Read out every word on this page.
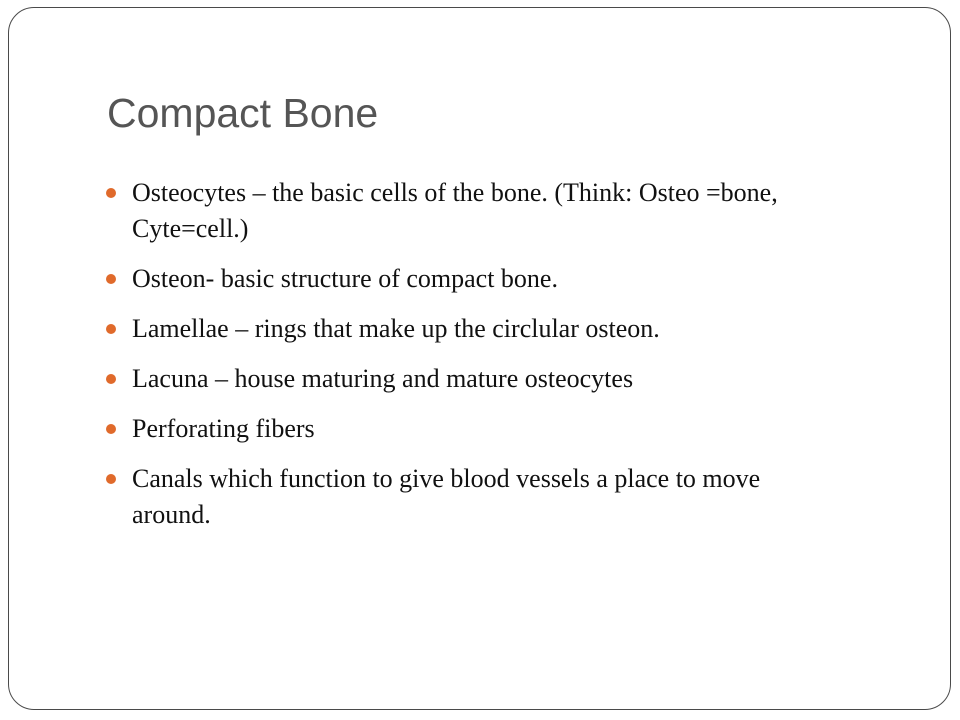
Compact Bone
Osteocytes – the basic cells of the bone. (Think: Osteo =bone, Cyte=cell.)
Osteon- basic structure of compact bone.
Lamellae – rings that make up the circlular osteon.
Lacuna – house maturing and mature osteocytes
Perforating fibers
Canals which function to give blood vessels a place to move around.
